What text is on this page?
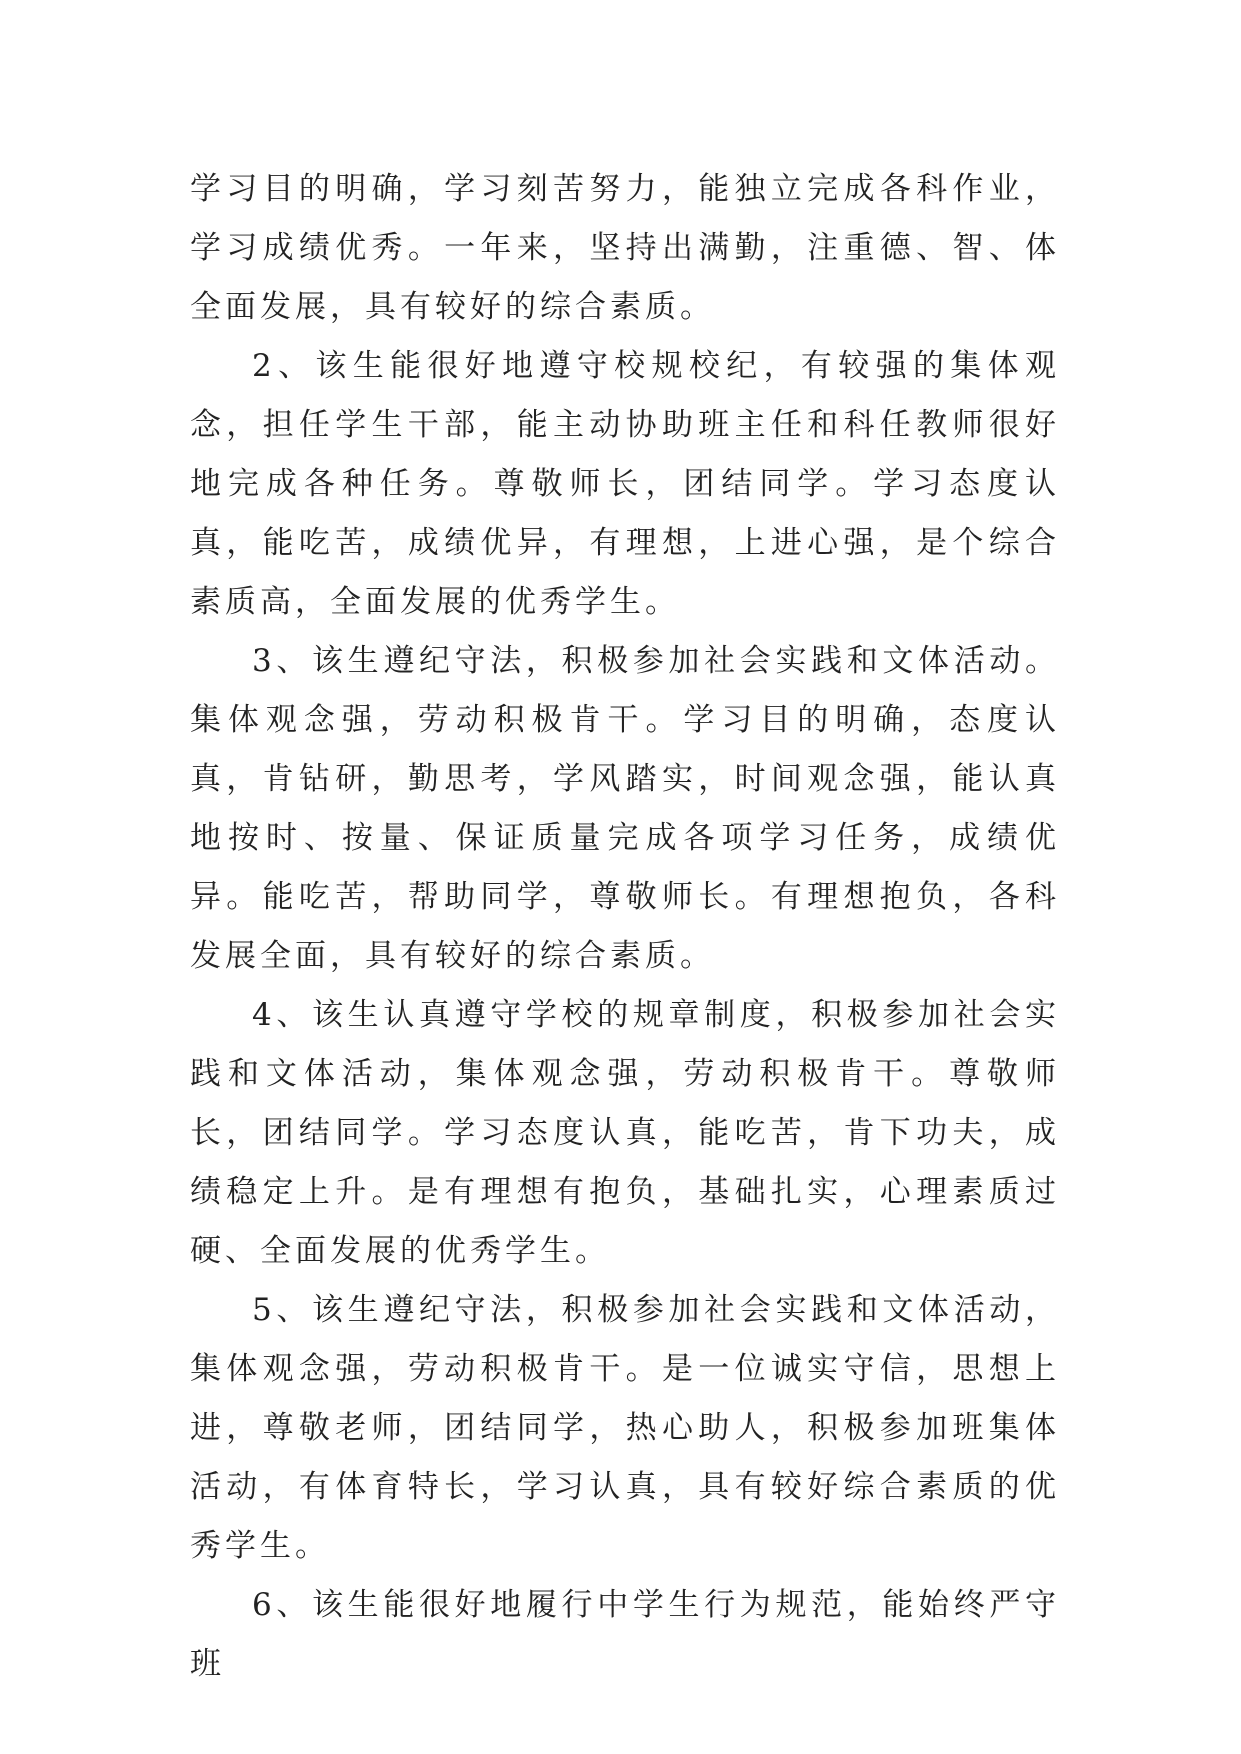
学习目的明确，学习刻苦努力，能独立完成各科作业，学习成绩优秀。一年来，坚持出满勤，注重德、智、体全面发展，具有较好的综合素质。

2、该生能很好地遵守校规校纪，有较强的集体观念，担任学生干部，能主动协助班主任和科任教师很好地完成各种任务。尊敬师长，团结同学。学习态度认真，能吃苦，成绩优异，有理想，上进心强，是个综合素质高，全面发展的优秀学生。

3、该生遵纪守法，积极参加社会实践和文体活动。集体观念强，劳动积极肯干。学习目的明确，态度认真，肯钻研，勤思考，学风踏实，时间观念强，能认真地按时、按量、保证质量完成各项学习任务，成绩优异。能吃苦，帮助同学，尊敬师长。有理想抱负，各科发展全面，具有较好的综合素质。

4、该生认真遵守学校的规章制度，积极参加社会实践和文体活动，集体观念强，劳动积极肯干。尊敬师长，团结同学。学习态度认真，能吃苦，肯下功夫，成绩稳定上升。是有理想有抱负，基础扎实，心理素质过硬、全面发展的优秀学生。

5、该生遵纪守法，积极参加社会实践和文体活动，集体观念强，劳动积极肯干。是一位诚实守信，思想上进，尊敬老师，团结同学，热心助人，积极参加班集体活动，有体育特长，学习认真，具有较好综合素质的优秀学生。

6、该生能很好地履行中学生行为规范，能始终严守班
